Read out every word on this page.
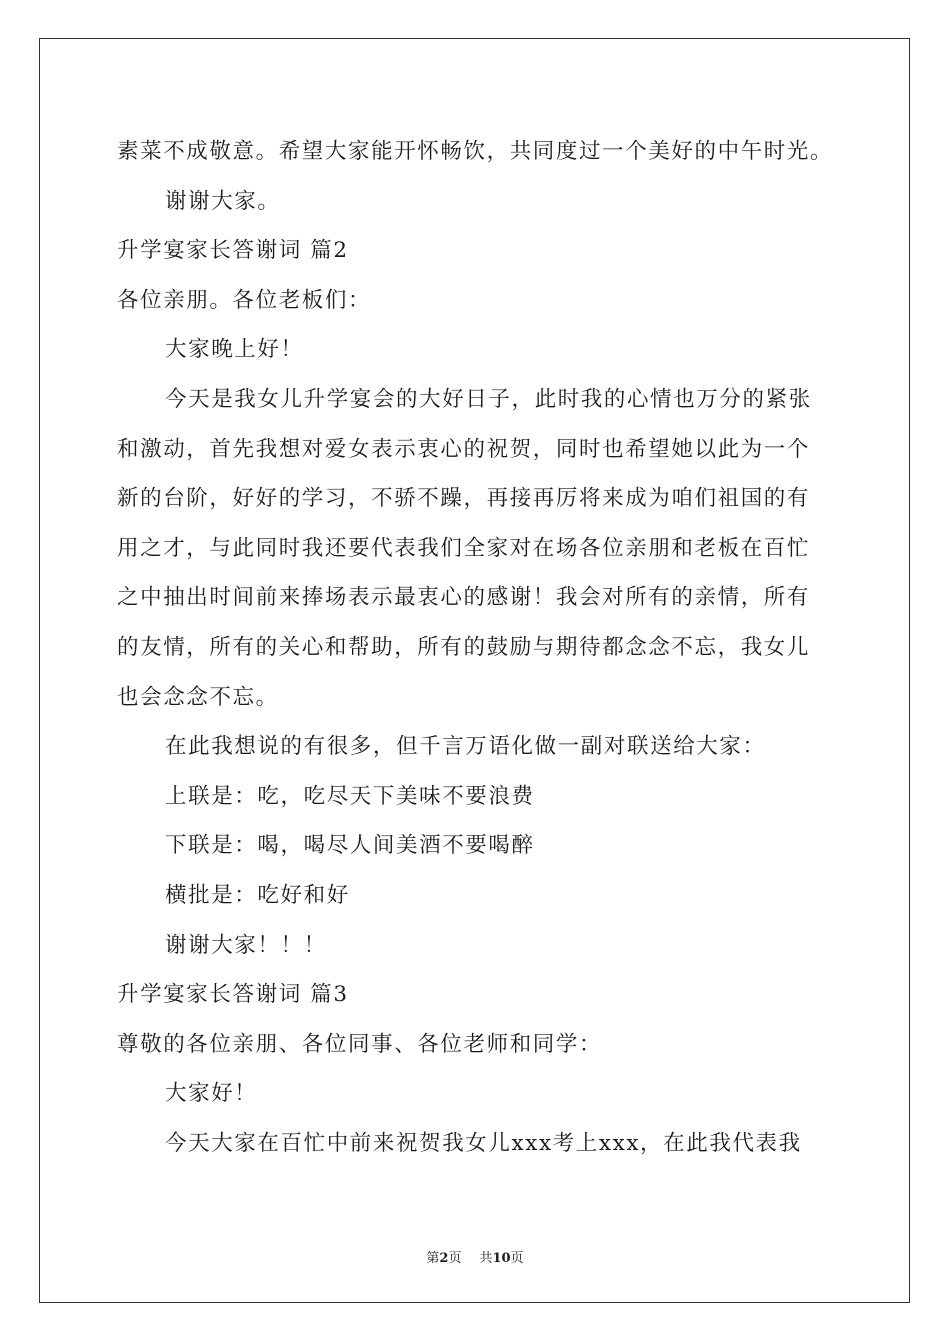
素菜不成敬意。希望大家能开怀畅饮，共同度过一个美好的中午时光。
谢谢大家。
升学宴家长答谢词 篇2
各位亲朋。各位老板们：
大家晚上好！
今天是我女儿升学宴会的大好日子，此时我的心情也万分的紧张
和激动，首先我想对爱女表示衷心的祝贺，同时也希望她以此为一个
新的台阶，好好的学习，不骄不躁，再接再厉将来成为咱们祖国的有
用之才，与此同时我还要代表我们全家对在场各位亲朋和老板在百忙
之中抽出时间前来捧场表示最衷心的感谢！我会对所有的亲情，所有
的友情，所有的关心和帮助，所有的鼓励与期待都念念不忘，我女儿
也会念念不忘。
在此我想说的有很多，但千言万语化做一副对联送给大家：
上联是：吃，吃尽天下美味不要浪费
下联是：喝，喝尽人间美酒不要喝醉
横批是：吃好和好
谢谢大家！！！
升学宴家长答谢词 篇3
尊敬的各位亲朋、各位同事、各位老师和同学：
大家好！
今天大家在百忙中前来祝贺我女儿xxx考上xxx，在此我代表我
第2页 共10页
